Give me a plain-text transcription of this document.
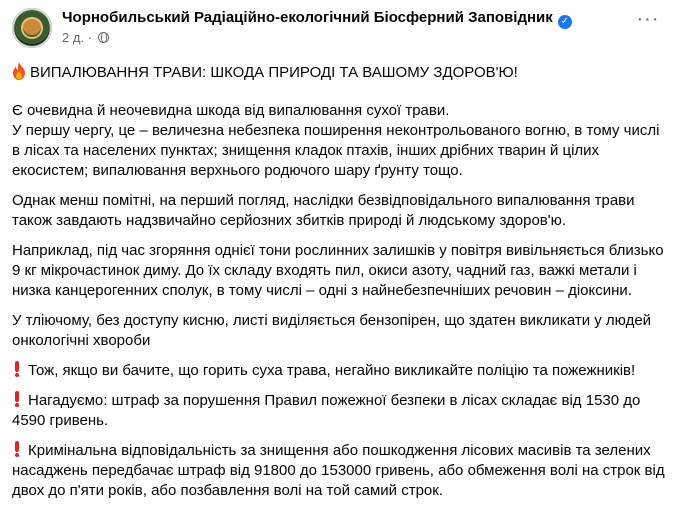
Чорнобильський Радіаційно-екологічний Біосферний Заповідник ✓
2 д. ·
···

ВИПАЛЮВАННЯ ТРАВИ: ШКОДА ПРИРОДІ ТА ВАШОМУ ЗДОРОВ'Ю!

Є очевидна й неочевидна шкода від випалювання сухої трави.
У першу чергу, це – величезна небезпека поширення неконтрольованого вогню, в тому числі в лісах та населених пунктах; знищення кладок птахів, інших дрібних тварин й цілих екосистем; випалювання верхнього родючого шару ґрунту тощо.

Однак менш помітні, на перший погляд, наслідки безвідповідального випалювання трави також завдають надзвичайно серйозних збитків природі й людському здоров'ю.

Наприклад, під час згоряння однієї тони рослинних залишків у повітря вивільняється близько 9 кг мікрочастинок диму. До їх складу входять пил, окиси азоту, чадний газ, важкі метали і низка канцерогенних сполук, в тому числі – одні з найнебезпечніших речовин – діоксини.

У тліючому, без доступу кисню, листі виділяється бензопірен, що здатен викликати у людей онкологічні хвороби

Тож, якщо ви бачите, що горить суха трава, негайно викликайте поліцію та пожежників!

Нагадуємо: штраф за порушення Правил пожежної безпеки в лісах складає від 1530 до 4590 гривень.

Кримінальна відповідальність за знищення або пошкодження лісових масивів та зелених насаджень передбачає штраф від 91800 до 153000 гривень, або обмеження волі на строк від двох до п'яти років, або позбавлення волі на той самий строк.
